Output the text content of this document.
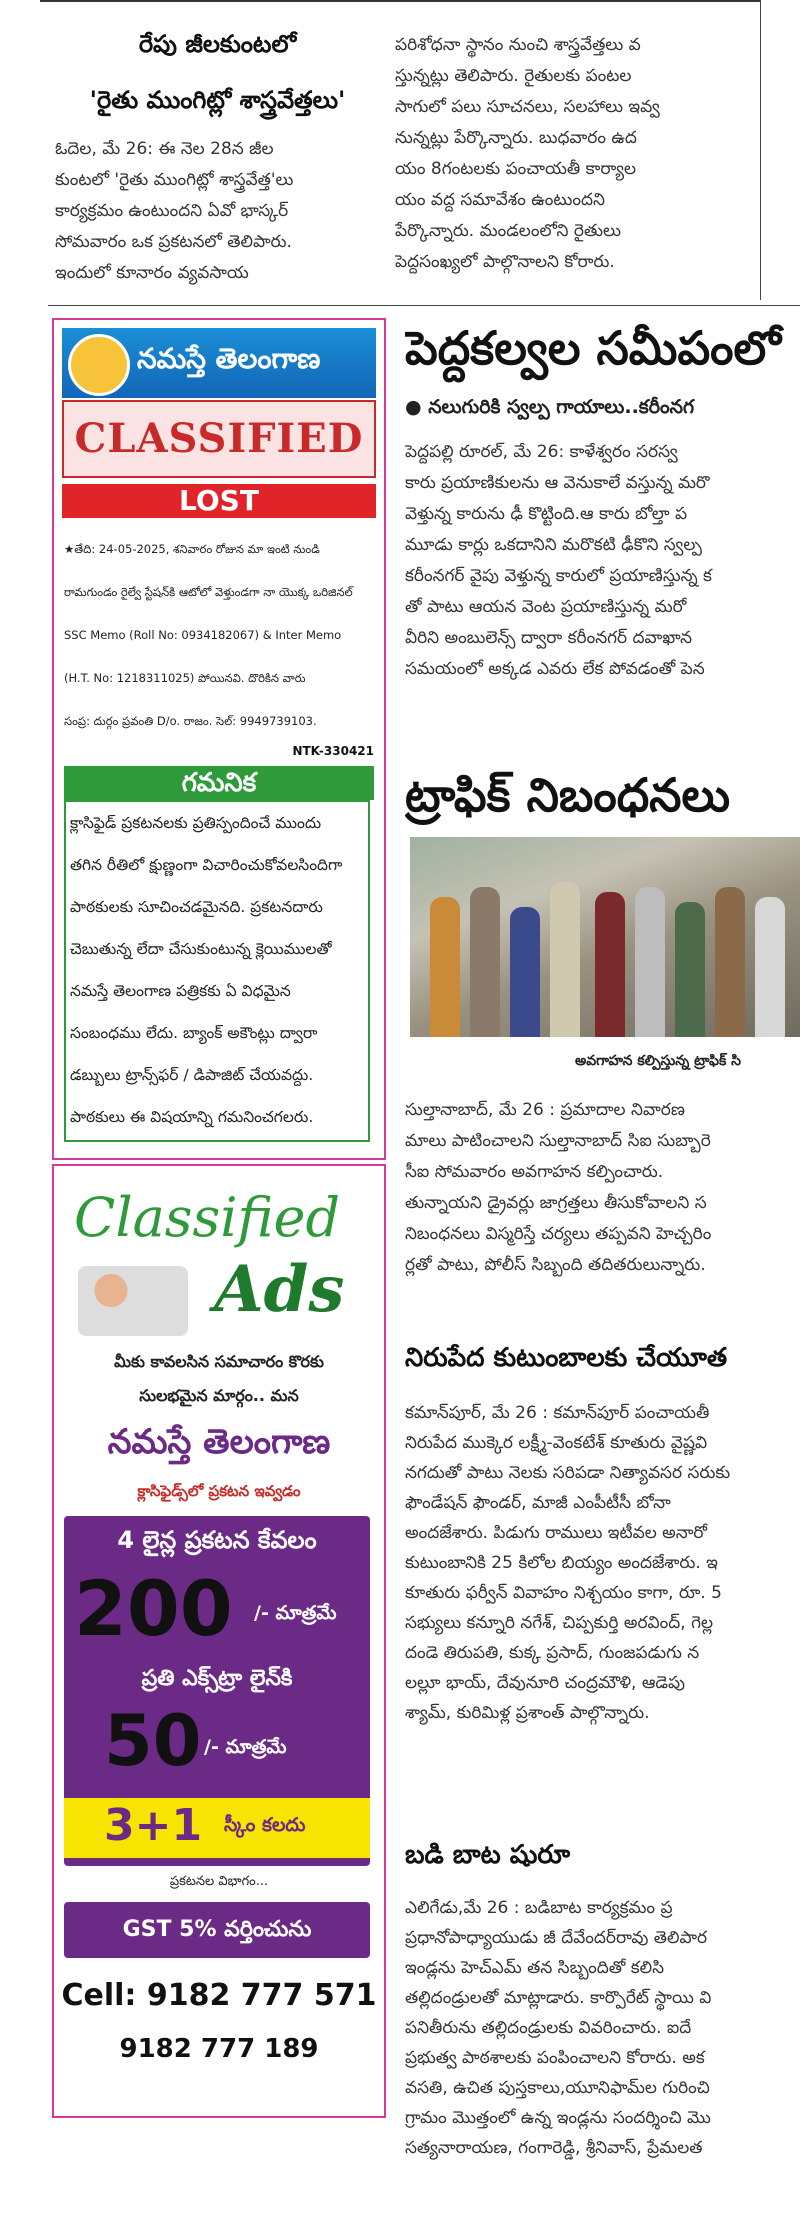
రేపు జీలకుంటలో
'రైతు ముంగిట్లో శాస్త్రవేత్తలు'

ఓదెల, మే 26: ఈ నెల 28న జీల

కుంటలో 'రైతు ముంగిట్లో శాస్త్రవేత్త'లు

కార్యక్రమం ఉంటుందని ఏవో భాస్కర్

సోమవారం ఒక ప్రకటనలో తెలిపారు.

ఇందులో కూనారం వ్యవసాయ

పరిశోధనా స్థానం నుంచి శాస్త్రవేత్తలు వ

స్తున్నట్లు తెలిపారు. రైతులకు పంటల

సాగులో పలు సూచనలు, సలహాలు ఇవ్వ

నున్నట్లు పేర్కొన్నారు. బుధవారం ఉద

యం 8గంటలకు పంచాయతీ కార్యాల

యం వద్ద సమావేశం ఉంటుందని

పేర్కొన్నారు. మండలంలోని రైతులు

పెద్దసంఖ్యలో పాల్గొనాలని కోరారు.

నమస్తే తెలంగాణ
CLASSIFIED
LOST

★తేది: 24-05-2025, శనివారం రోజున మా ఇంటి నుండి

రామగుండం రైల్వే స్టేషన్‌కి ఆటోలో వెళ్తుండగా నా యొక్క ఒరిజినల్

SSC Memo (Roll No: 0934182067) & Inter Memo

(H.T. No: 1218311025) పోయినవి. దొరికిన వారు

సంప్ర: దుర్గం ప్రవంతి D/o. రాజం. సెల్: 9949739103.

NTK-330421
గమనిక

క్లాసిఫైడ్ ప్రకటనలకు ప్రతిస్పందించే ముందు

తగిన రీతిలో క్షుణ్ణంగా విచారించుకోవలసిందిగా

పాఠకులకు సూచించడమైనది. ప్రకటనదారు

చెబుతున్న లేదా చేసుకుంటున్న క్లెయిములతో

నమస్తే తెలంగాణ పత్రికకు ఏ విధమైన

సంబంధము లేదు. బ్యాంక్ అకౌంట్లు ద్వారా

డబ్బులు ట్రాన్స్‌ఫర్ / డిపాజిట్ చేయవద్దు.

పాఠకులు ఈ విషయాన్ని గమనించగలరు.

Classified
Ads
మీకు కావలసిన సమాచారం కొరకు
సులభమైన మార్గం.. మన
నమస్తే తెలంగాణ
క్లాసిఫైడ్స్‌లో ప్రకటన ఇవ్వడం
4 లైన్ల ప్రకటన కేవలం
200 /- మాత్రమే
ప్రతి ఎక్స్‌ట్రా లైన్‌కి
50 /- మాత్రమే
3+1 స్కీం కలదు
ప్రకటనల విభాగం...
GST 5% వర్తించును
Cell: 9182 777 571
9182 777 189
పెద్దకల్వల సమీపంలో
● నలుగురికి స్వల్ప గాయాలు..కరీంనగ

పెద్దపల్లి రూరల్, మే 26: కాళేశ్వరం సరస్వ

కారు ప్రయాణికులను ఆ వెనుకాలే వస్తున్న మరొ

వెళ్తున్న కారును ఢీ కొట్టింది.ఆ కారు బోల్తా ప

మూడు కార్లు ఒకదానిని మరొకటి ఢీకొని స్వల్ప

కరీంనగర్ వైపు వెళ్తున్న కారులో ప్రయాణిస్తున్న క

తో పాటు ఆయన వెంట ప్రయాణిస్తున్న మరో

వీరిని అంబులెన్స్ ద్వారా కరీంనగర్ దవాఖాన

సమయంలో అక్కడ ఎవరు లేక పోవడంతో పెన

ట్రాఫిక్ నిబంధనలు
అవగాహన కల్పిస్తున్న ట్రాఫిక్ సి

సుల్తానాబాద్, మే 26 : ప్రమాదాల నివారణ

మాలు పాటించాలని సుల్తానాబాద్ సిఐ సుబ్బారె

సీఐ సోమవారం అవగాహన కల్పించారు.

తున్నాయని డ్రైవర్లు జాగ్రత్తలు తీసుకోవాలని స

నిబంధనలు విస్మరిస్తే చర్యలు తప్పవని హెచ్చరిం

ర్లతో పాటు, పోలీస్ సిబ్బంది తదితరులున్నారు.

నిరుపేద కుటుంబాలకు చేయూత

కమాన్‌పూర్, మే 26 : కమాన్‌పూర్ పంచాయతీ

నిరుపేద ముక్కెర లక్ష్మీ-వెంకటేశ్ కూతురు వైష్ణవి

నగదుతో పాటు నెలకు సరిపడా నిత్యావసర సరుకు

ఫౌండేషన్ ఫౌండర్, మాజీ ఎంపీటీసీ బోనా

అందజేశారు. పిడుగు రాములు ఇటీవల అనారో

కుటుంబానికి 25 కిలోల బియ్యం అందజేశారు. ఇ

కూతురు ఫర్వీన్ వివాహం నిశ్చయం కాగా, రూ. 5

సభ్యులు కన్నూరి నగేశ్, చిప్పకుర్తి అరవింద్, గెల్ల

దండె తిరుపతి, కుక్క ప్రసాద్, గుంజపడుగు న

లల్లూ భాయ్, దేవునూరి చంద్రమౌళి, ఆడెపు

శ్యామ్, కురిమిళ్ల ప్రశాంత్ పాల్గొన్నారు.

బడి బాట షురూ

ఎలిగేడు,మే 26 : బడిబాట కార్యక్రమం ప్ర

ప్రధానోపాధ్యాయుడు జీ దేవేందర్‌రావు తెలిపార

ఇండ్లను హెచ్‌ఎమ్ తన సిబ్బందితో కలిసి

తల్లిదండ్రులతో మాట్లాడారు. కార్పొరేట్ స్థాయి వి

పనితీరును తల్లిదండ్రులకు వివరించారు. ఐదే

ప్రభుత్వ పాఠశాలకు పంపించాలని కోరారు. అక

వసతి, ఉచిత పుస్తకాలు,యూనిఫామ్‌ల గురించి

గ్రామం మొత్తంలో ఉన్న ఇండ్లను సందర్శించి మొ

సత్యనారాయణ, గంగారెడ్డి, శ్రీనివాస్, ప్రేమలత
